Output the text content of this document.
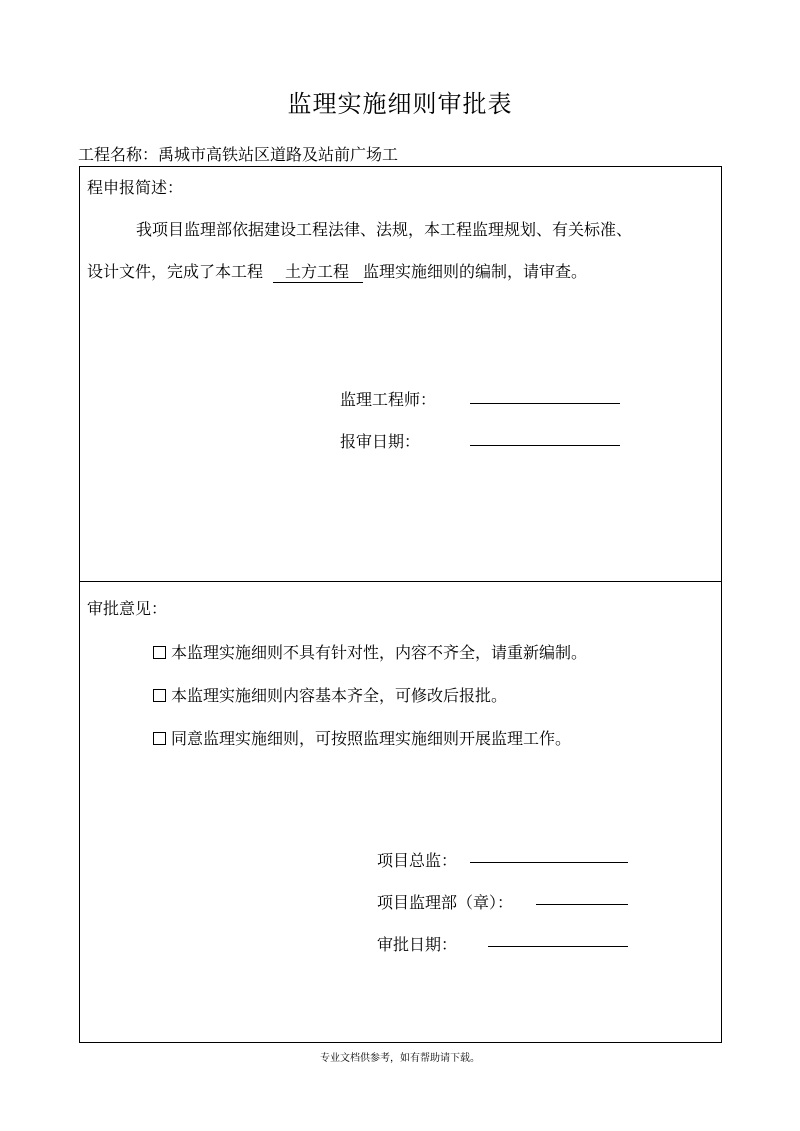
监理实施细则审批表
工程名称：禹城市高铁站区道路及站前广场工
程申报简述：
我项目监理部依据建设工程法律、法规，本工程监理规划、有关标准、
设计文件，完成了本工程 土方工程 监理实施细则的编制，请审查。
监理工程师：
报审日期：
审批意见：
本监理实施细则不具有针对性，内容不齐全，请重新编制。
本监理实施细则内容基本齐全，可修改后报批。
同意监理实施细则，可按照监理实施细则开展监理工作。
项目总监：
项目监理部（章）：
审批日期：
专业文档供参考，如有帮助请下载。
